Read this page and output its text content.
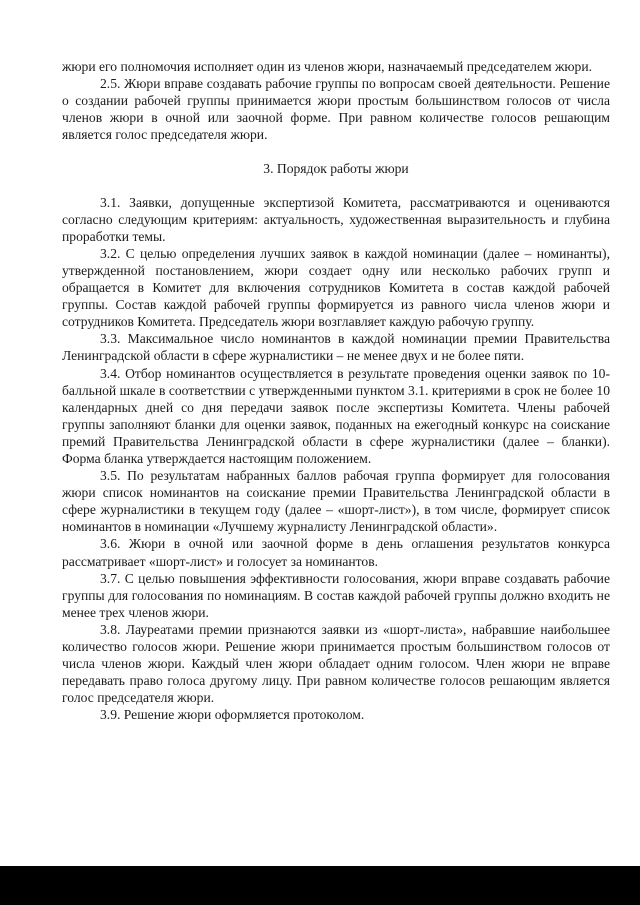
жюри его полномочия исполняет один из членов жюри, назначаемый председателем жюри.

2.5. Жюри вправе создавать рабочие группы по вопросам своей деятельности. Решение о создании рабочей группы принимается жюри простым большинством голосов от числа членов жюри в очной или заочной форме. При равном количестве голосов решающим является голос председателя жюри.

3. Порядок работы жюри

3.1. Заявки, допущенные экспертизой Комитета, рассматриваются и оцениваются согласно следующим критериям: актуальность, художественная выразительность и глубина проработки темы.

3.2. С целью определения лучших заявок в каждой номинации (далее – номинанты), утвержденной постановлением, жюри создает одну или несколько рабочих групп и обращается в Комитет для включения сотрудников Комитета в состав каждой рабочей группы. Состав каждой рабочей группы формируется из равного числа членов жюри и сотрудников Комитета. Председатель жюри возглавляет каждую рабочую группу.

3.3. Максимальное число номинантов в каждой номинации премии Правительства Ленинградской области в сфере журналистики – не менее двух и не более пяти.

3.4. Отбор номинантов осуществляется в результате проведения оценки заявок по 10-балльной шкале в соответствии с утвержденными пунктом 3.1. критериями в срок не более 10 календарных дней со дня передачи заявок после экспертизы Комитета. Члены рабочей группы заполняют бланки для оценки заявок, поданных на ежегодный конкурс на соискание премий Правительства Ленинградской области в сфере журналистики (далее – бланки). Форма бланка утверждается настоящим положением.

3.5. По результатам набранных баллов рабочая группа формирует для голосования жюри список номинантов на соискание премии Правительства Ленинградской области в сфере журналистики в текущем году (далее – «шорт-лист»), в том числе, формирует список номинантов в номинации «Лучшему журналисту Ленинградской области».

3.6. Жюри в очной или заочной форме в день оглашения результатов конкурса рассматривает «шорт-лист» и голосует за номинантов.

3.7. С целью повышения эффективности голосования, жюри вправе создавать рабочие группы для голосования по номинациям. В состав каждой рабочей группы должно входить не менее трех членов жюри.

3.8. Лауреатами премии признаются заявки из «шорт-листа», набравшие наибольшее количество голосов жюри. Решение жюри принимается простым большинством голосов от числа членов жюри. Каждый член жюри обладает одним голосом. Член жюри не вправе передавать право голоса другому лицу. При равном количестве голосов решающим является голос председателя жюри.

3.9. Решение жюри оформляется протоколом.
